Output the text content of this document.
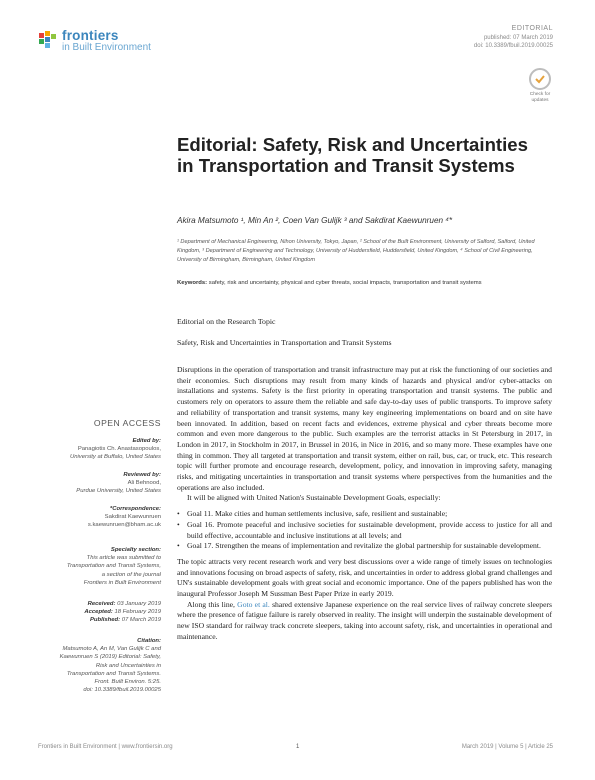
frontiers
in Built Environment
EDITORIAL
published: 07 March 2019
doi: 10.3389/fbuil.2019.00025
Check for
updates
Editorial: Safety, Risk and Uncertainties in Transportation and Transit Systems
Akira Matsumoto ¹, Min An ², Coen Van Gulijk ³ and Sakdirat Kaewunruen ⁴*
¹ Department of Mechanical Engineering, Nihon University, Tokyo, Japan, ² School of the Built Environment, University of Salford, Salford, United Kingdom, ³ Department of Engineering and Technology, University of Huddersfield, Huddersfield, United Kingdom, ⁴ School of Civil Engineering, University of Birmingham, Birmingham, United Kingdom
Keywords: safety, risk and uncertainty, physical and cyber threats, social impacts, transportation and transit systems
Editorial on the Research Topic
Safety, Risk and Uncertainties in Transportation and Transit Systems
OPEN ACCESS
Edited by:
Panagiotis Ch. Anastasopoulos,
University at Buffalo, United States
Reviewed by:
Ali Behnood,
Purdue University, United States
*Correspondence:
Sakdirat Kaewunruen
s.kaewunruen@bham.ac.uk
Specialty section:
This article was submitted to
Transportation and Transit Systems,
a section of the journal
Frontiers in Built Environment
Received: 03 January 2019
Accepted: 18 February 2019
Published: 07 March 2019
Citation:
Matsumoto A, An M, Van Gulijk C and
Kaewunruen S (2019) Editorial: Safety,
Risk and Uncertainties in
Transportation and Transit Systems.
Front. Built Environ. 5:25.
doi: 10.3389/fbuil.2019.00025

Disruptions in the operation of transportation and transit infrastructure may put at risk the functioning of our societies and their economies. Such disruptions may result from many kinds of hazards and physical and/or cyber-attacks on installations and systems. Safety is the first priority in operating transportation and transit systems. The public and customers rely on operators to assure them the reliable and safe day-to-day uses of public transports. To improve safety and reliability of transportation and transit systems, many key engineering implementations on board and on site have been innovated. In addition, based on recent facts and evidences, extreme physical and cyber threats become more common and even more dangerous to the public. Such examples are the terrorist attacks in St Petersburg in 2017, in London in 2017, in Stockholm in 2017, in Brussel in 2016, in Nice in 2016, and so many more. These examples have one thing in common. They all targeted at transportation and transit system, either on rail, bus, car, or truck, etc. This research topic will further promote and encourage research, development, policy, and innovation in improving safety, managing risks, and mitigating uncertainties in transportation and transit systems where perspectives from the humanities and the operations are also included.

It will be aligned with United Nation's Sustainable Development Goals, especially:

• Goal 11. Make cities and human settlements inclusive, safe, resilient and sustainable;
• Goal 16. Promote peaceful and inclusive societies for sustainable development, provide access to justice for all and build effective, accountable and inclusive institutions at all levels; and
• Goal 17. Strengthen the means of implementation and revitalize the global partnership for sustainable development.

The topic attracts very recent research work and very best discussions over a wide range of timely issues on technologies and innovations focusing on broad aspects of safety, risk, and uncertainties in order to address global grand challenges and UN's sustainable development goals with great social and economic importance. One of the papers published has won the inaugural Professor Joseph M Sussman Best Paper Prize in early 2019.

Along this line, Goto et al. shared extensive Japanese experience on the real service lives of railway concrete sleepers where the presence of fatigue failure is rarely observed in reality. The insight will underpin the sustainable development of new ISO standard for railway track concrete sleepers, taking into account safety, risk, and uncertainties in operational and maintenance.

Frontiers in Built Environment | www.frontiersin.org	1	March 2019 | Volume 5 | Article 25
